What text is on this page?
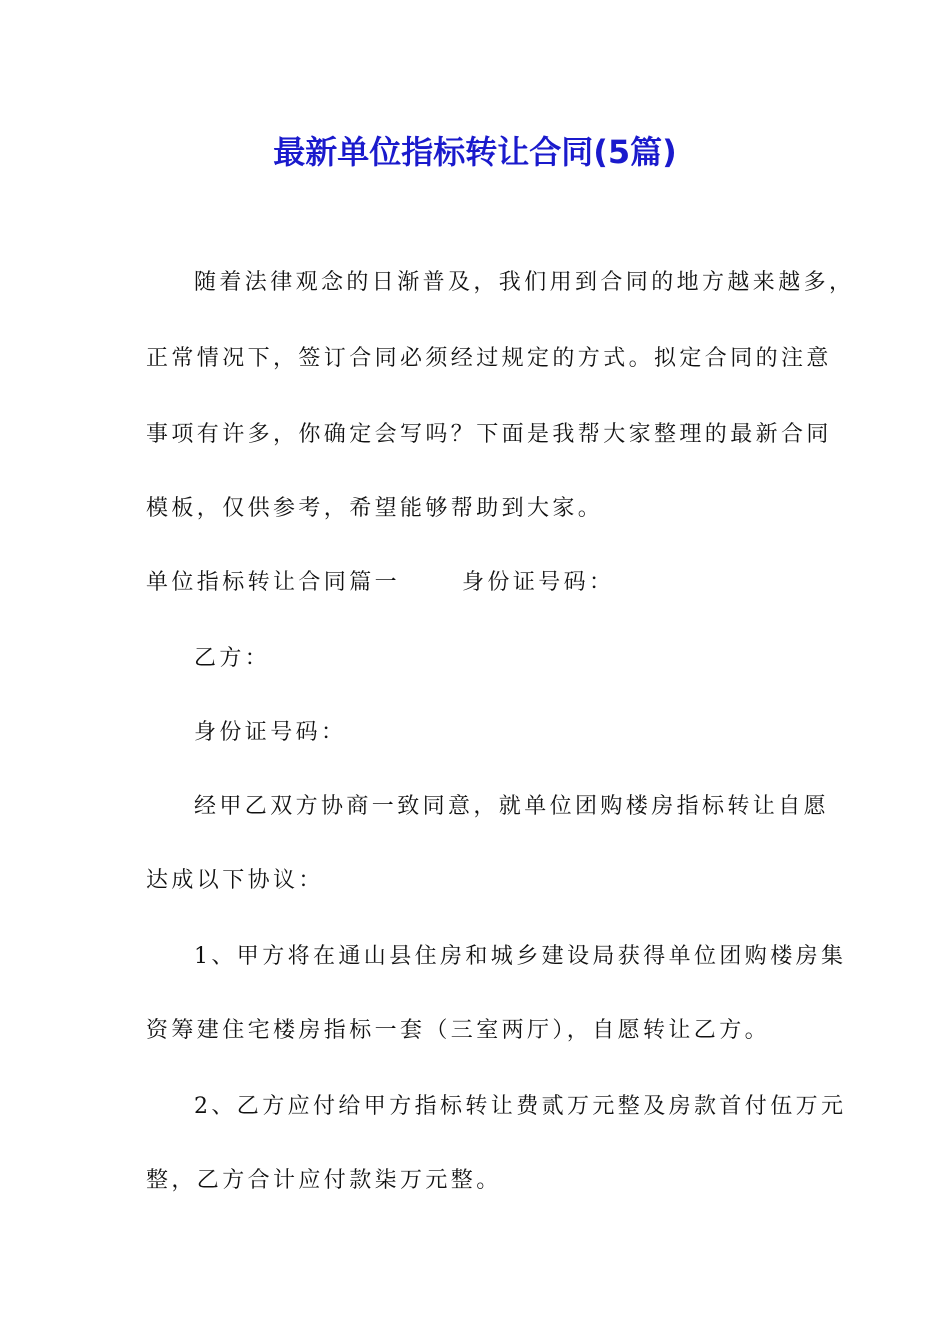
最新单位指标转让合同(5篇)

随着法律观念的日渐普及，我们用到合同的地方越来越多，

正常情况下，签订合同必须经过规定的方式。拟定合同的注意

事项有许多，你确定会写吗？下面是我帮大家整理的最新合同

模板，仅供参考，希望能够帮助到大家。

单位指标转让合同篇一	身份证号码：

乙方：

身份证号码：

经甲乙双方协商一致同意，就单位团购楼房指标转让自愿

达成以下协议：

1、甲方将在通山县住房和城乡建设局获得单位团购楼房集

资筹建住宅楼房指标一套（三室两厅），自愿转让乙方。

2、乙方应付给甲方指标转让费贰万元整及房款首付伍万元

整，乙方合计应付款柒万元整。
